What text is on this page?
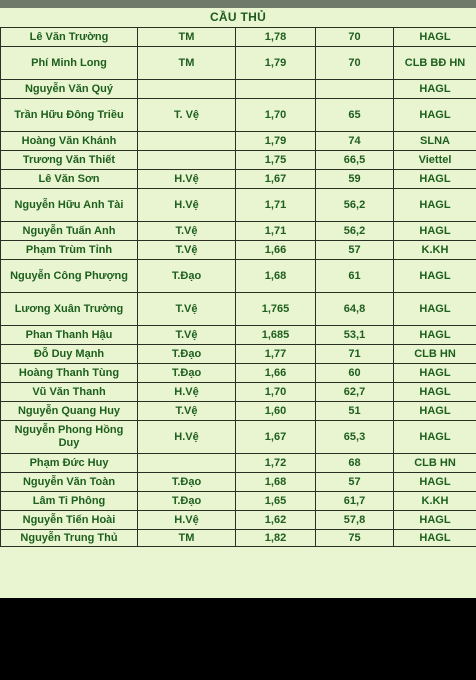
CẦU THỦ
Lê Văn Trường	TM	1,78	70	HAGL
Phí Minh Long	TM	1,79	70	CLB BĐ HN
Nguyễn Văn Quý				HAGL
Trần Hữu Đông Triều	T. Vệ	1,70	65	HAGL
Hoàng Văn Khánh		1,79	74	SLNA
Trương Văn Thiết		1,75	66,5	Viettel
Lê Văn Sơn	H.Vệ	1,67	59	HAGL
Nguyễn Hữu Anh Tài	H.Vệ	1,71	56,2	HAGL
Nguyễn Tuấn Anh	T.Vệ	1,71	56,2	HAGL
Phạm Trùm Tỉnh	T.Vệ	1,66	57	K.KH
Nguyễn Công Phượng	T.Đạo	1,68	61	HAGL
Lương Xuân Trường	T.Vệ	1,765	64,8	HAGL
Phan Thanh Hậu	T.Vệ	1,685	53,1	HAGL
Đỗ Duy Mạnh	T.Đạo	1,77	71	CLB HN
Hoàng Thanh Tùng	T.Đạo	1,66	60	HAGL
Vũ Văn Thanh	H.Vệ	1,70	62,7	HAGL
Nguyễn Quang Huy	T.Vệ	1,60	51	HAGL
Nguyễn Phong Hồng Duy	H.Vệ	1,67	65,3	HAGL
Phạm Đức Huy		1,72	68	CLB HN
Nguyễn Văn Toàn	T.Đạo	1,68	57	HAGL
Lâm Ti Phông	T.Đạo	1,65	61,7	K.KH
Nguyễn Tiến Hoài	H.Vệ	1,62	57,8	HAGL
Nguyễn Trung Thủ	TM	1,82	75	HAGL
